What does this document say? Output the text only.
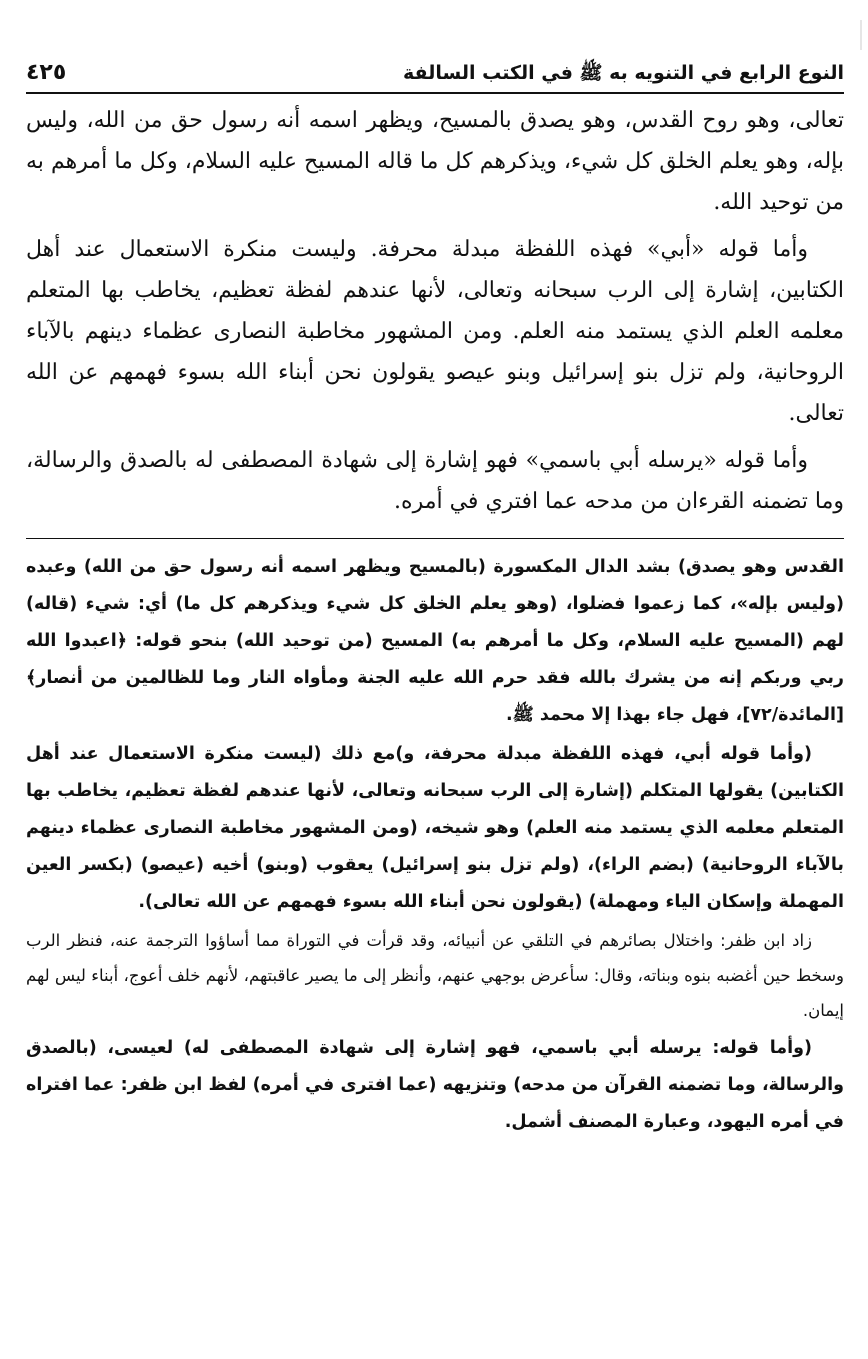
النوع الرابع في التنويه به ﷺ في الكتب السالفة
٤٢٥

تعالى، وهو روح القدس، وهو يصدق بالمسيح، ويظهر اسمه أنه رسول حق من الله، وليس بإله، وهو يعلم الخلق كل شيء، ويذكرهم كل ما قاله المسيح عليه السلام، وكل ما أمرهم به من توحيد الله.

وأما قوله «أبي» فهذه اللفظة مبدلة محرفة. وليست منكرة الاستعمال عند أهل الكتابين، إشارة إلى الرب سبحانه وتعالى، لأنها عندهم لفظة تعظيم، يخاطب بها المتعلم معلمه العلم الذي يستمد منه العلم. ومن المشهور مخاطبة النصارى عظماء دينهم بالآباء الروحانية، ولم تزل بنو إسرائيل وبنو عيصو يقولون نحن أبناء الله بسوء فهمهم عن الله تعالى.

وأما قوله «يرسله أبي باسمي» فهو إشارة إلى شهادة المصطفى له بالصدق والرسالة، وما تضمنه القرءان من مدحه عما افتري في أمره.

القدس وهو يصدق) بشد الدال المكسورة (بالمسيح ويظهر اسمه أنه رسول حق من الله) وعبده (وليس بإله»، كما زعموا فضلوا، (وهو يعلم الخلق كل شيء ويذكرهم كل ما) أي: شيء (قاله) لهم (المسيح عليه السلام، وكل ما أمرهم به) المسيح (من توحيد الله) بنحو قوله: ﴿اعبدوا الله ربي وربكم إنه من يشرك بالله فقد حرم الله عليه الجنة ومأواه النار وما للظالمين من أنصار﴾ [المائدة/٧٢]، فهل جاء بهذا إلا محمد ﷺ.

(وأما قوله أبي، فهذه اللفظة مبدلة محرفة، و)مع ذلك (ليست منكرة الاستعمال عند أهل الكتابين) يقولها المتكلم (إشارة إلى الرب سبحانه وتعالى، لأنها عندهم لفظة تعظيم، يخاطب بها المتعلم معلمه الذي يستمد منه العلم) وهو شيخه، (ومن المشهور مخاطبة النصارى عظماء دينهم بالآباء الروحانية) (بضم الراء)، (ولم تزل بنو إسرائيل) يعقوب (وبنو) أخيه (عيصو) (بكسر العين المهملة وإسكان الياء ومهملة) (يقولون نحن أبناء الله بسوء فهمهم عن الله تعالى).

زاد ابن ظفر: واختلال بصائرهم في التلقي عن أنبيائه، وقد قرأت في التوراة مما أساؤوا الترجمة عنه، فنظر الرب وسخط حين أغضبه بنوه وبناته، وقال: سأعرض بوجهي عنهم، وأنظر إلى ما يصير عاقبتهم، لأنهم خلف أعوج، أبناء ليس لهم إيمان.

(وأما قوله: يرسله أبي باسمي، فهو إشارة إلى شهادة المصطفى له) لعيسى، (بالصدق والرسالة، وما تضمنه القرآن من مدحه) وتنزيهه (عما افترى في أمره) لفظ ابن ظفر: عما افتراه في أمره اليهود، وعبارة المصنف أشمل.
